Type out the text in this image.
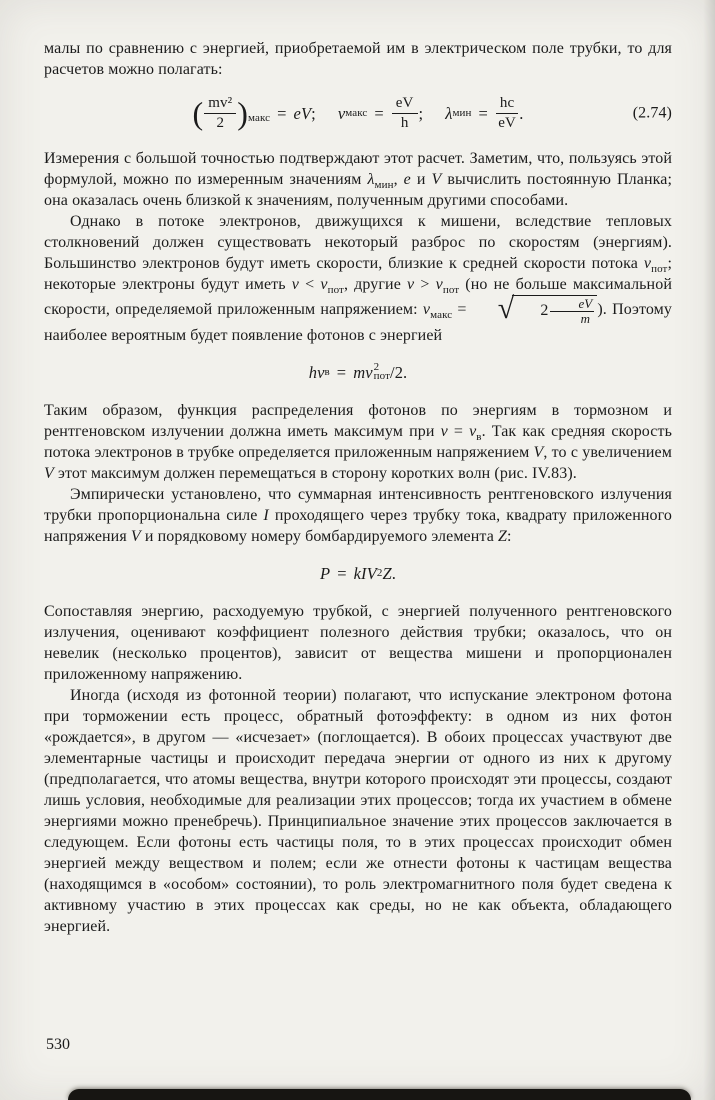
малы по сравнению с энергией, приобретаемой им в электрическом поле трубки, то для расчетов можно полагать:

( $\frac{\text{mv²}}{2}$ ) макс = eV ; v макс = $\frac{eV}{h}$ ; λ мин = $\frac{hc}{eV}$ .	(2.74)

Измерения с большой точностью подтверждают этот расчет. Заметим, что, пользуясь этой формулой, можно по измеренным значениям $\lambda_{мин}$, e и V вычислить постоянную Планка; она оказалась очень близкой к значениям, полученным другими способами.

Однако в потоке электронов, движущихся к мишени, вследствие тепловых столкновений должен существовать некоторый разброс по скоростям (энергиям). Большинство электронов будут иметь скорости, близкие к средней скорости потока $v_{пот}$; некоторые электроны будут иметь $v < v_{пот}$, другие $v > v_{пот}$ (но не больше максимальной скорости, определяемой приложенным напряжением: $v_{макс}$ = √ $2 \frac{eV}{m}$ ). Поэтому наиболее вероятным будет появление фотонов с энергией

hν в = mv 2
пот /2.

Таким образом, функция распределения фотонов по энергиям в тормозном и рентгеновском излучении должна иметь максимум при $\nu = \nu_в$. Так как средняя скорость потока электронов в трубке определяется приложенным напряжением V, то с увеличением V этот максимум должен перемещаться в сторону коротких волн (рис. IV.83).

Эмпирически установлено, что суммарная интенсивность рентгеновского излучения трубки пропорциональна силе I проходящего через трубку тока, квадрату приложенного напряжения V и порядковому номеру бомбардируемого элемента Z:

P = kIV 2 Z .

Сопоставляя энергию, расходуемую трубкой, с энергией полученного рентгеновского излучения, оценивают коэффициент полезного действия трубки; оказалось, что он невелик (несколько процентов), зависит от вещества мишени и пропорционален приложенному напряжению.

Иногда (исходя из фотонной теории) полагают, что испускание электроном фотона при торможении есть процесс, обратный фотоэффекту: в одном из них фотон «рождается», в другом — «исчезает» (поглощается). В обоих процессах участвуют две элементарные частицы и происходит передача энергии от одного из них к другому (предполагается, что атомы вещества, внутри которого происходят эти процессы, создают лишь условия, необходимые для реализации этих процессов; тогда их участием в обмене энергиями можно пренебречь). Принципиальное значение этих процессов заключается в следующем. Если фотоны есть частицы поля, то в этих процессах происходит обмен энергией между веществом и полем; если же отнести фотоны к частицам вещества (находящимся в «особом» состоянии), то роль электромагнитного поля будет сведена к активному участию в этих процессах как среды, но не как объекта, обладающего энергией.

530
